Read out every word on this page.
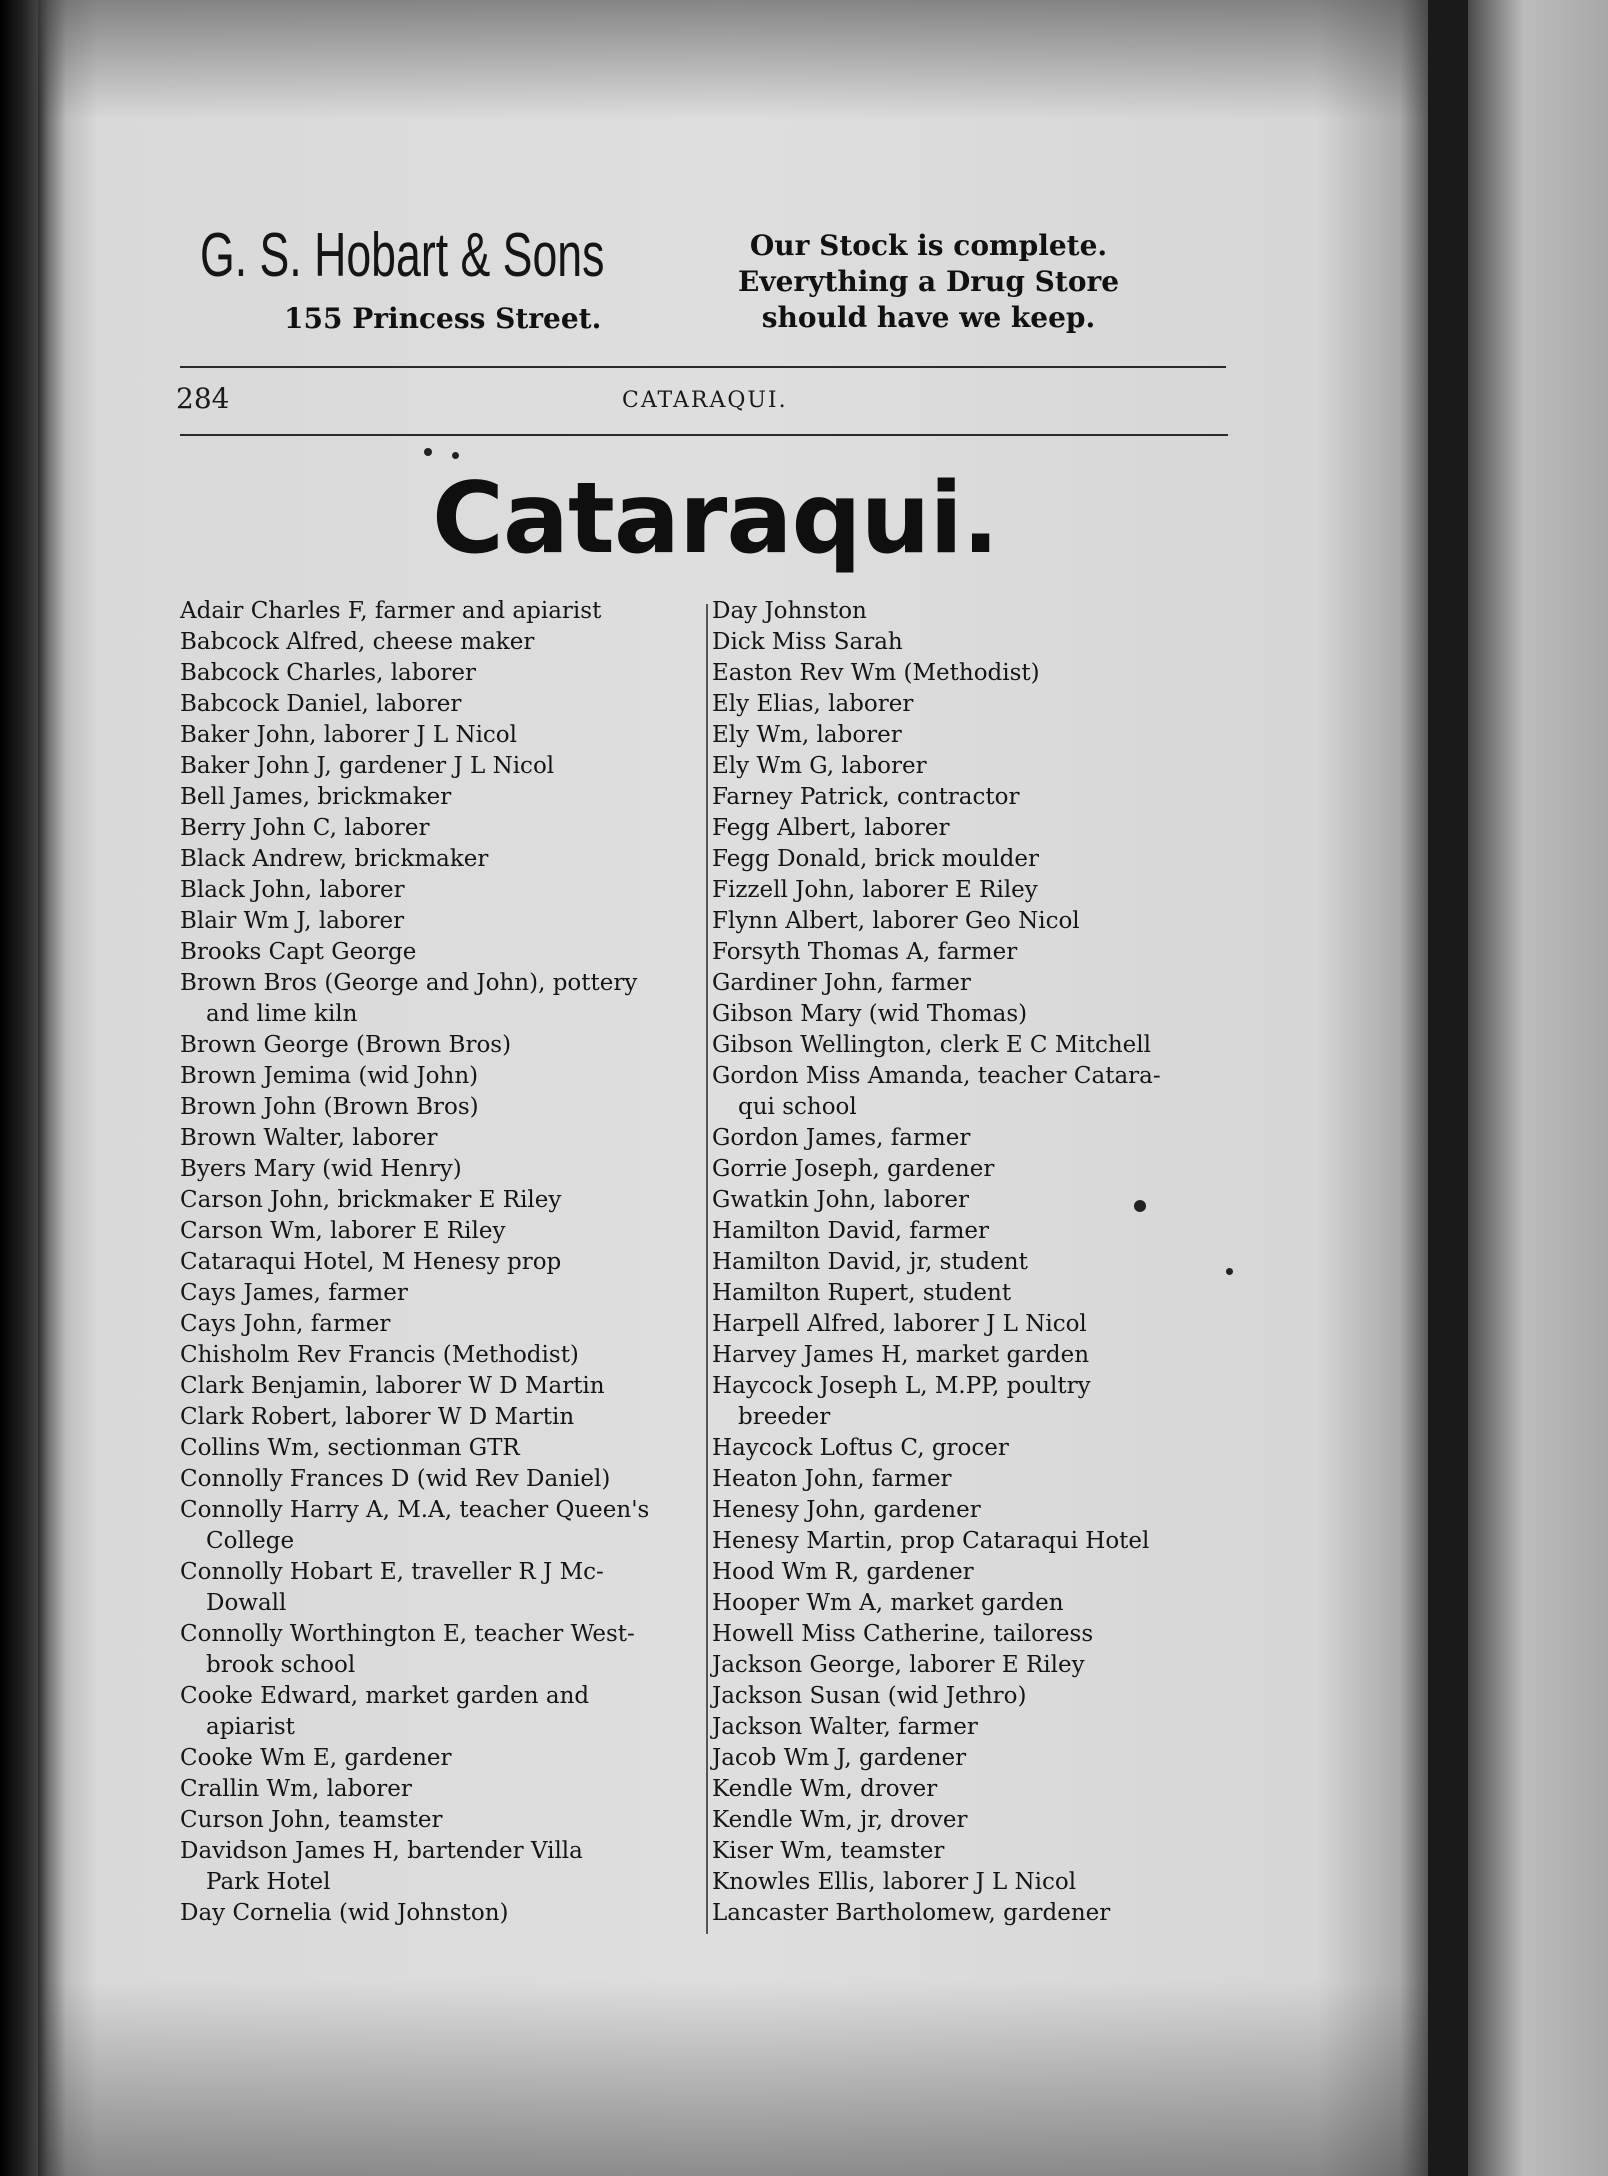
G. S. Hobart & Sons
155 Princess Street.
Our Stock is complete.
Everything a Drug Store
should have we keep.
284	CATARAQUI.
Cataraqui.
Adair Charles F, farmer and apiarist
Babcock Alfred, cheese maker
Babcock Charles, laborer
Babcock Daniel, laborer
Baker John, laborer J L Nicol
Baker John J, gardener J L Nicol
Bell James, brickmaker
Berry John C, laborer
Black Andrew, brickmaker
Black John, laborer
Blair Wm J, laborer
Brooks Capt George
Brown Bros (George and John), pottery
and lime kiln
Brown George (Brown Bros)
Brown Jemima (wid John)
Brown John (Brown Bros)
Brown Walter, laborer
Byers Mary (wid Henry)
Carson John, brickmaker E Riley
Carson Wm, laborer E Riley
Cataraqui Hotel, M Henesy prop
Cays James, farmer
Cays John, farmer
Chisholm Rev Francis (Methodist)
Clark Benjamin, laborer W D Martin
Clark Robert, laborer W D Martin
Collins Wm, sectionman GTR
Connolly Frances D (wid Rev Daniel)
Connolly Harry A, M.A, teacher Queen's
College
Connolly Hobart E, traveller R J Mc-
Dowall
Connolly Worthington E, teacher West-
brook school
Cooke Edward, market garden and
apiarist
Cooke Wm E, gardener
Crallin Wm, laborer
Curson John, teamster
Davidson James H, bartender Villa
Park Hotel
Day Cornelia (wid Johnston)
Day Johnston
Dick Miss Sarah
Easton Rev Wm (Methodist)
Ely Elias, laborer
Ely Wm, laborer
Ely Wm G, laborer
Farney Patrick, contractor
Fegg Albert, laborer
Fegg Donald, brick moulder
Fizzell John, laborer E Riley
Flynn Albert, laborer Geo Nicol
Forsyth Thomas A, farmer
Gardiner John, farmer
Gibson Mary (wid Thomas)
Gibson Wellington, clerk E C Mitchell
Gordon Miss Amanda, teacher Catara-
qui school
Gordon James, farmer
Gorrie Joseph, gardener
Gwatkin John, laborer
Hamilton David, farmer
Hamilton David, jr, student
Hamilton Rupert, student
Harpell Alfred, laborer J L Nicol
Harvey James H, market garden
Haycock Joseph L, M.PP, poultry
breeder
Haycock Loftus C, grocer
Heaton John, farmer
Henesy John, gardener
Henesy Martin, prop Cataraqui Hotel
Hood Wm R, gardener
Hooper Wm A, market garden
Howell Miss Catherine, tailoress
Jackson George, laborer E Riley
Jackson Susan (wid Jethro)
Jackson Walter, farmer
Jacob Wm J, gardener
Kendle Wm, drover
Kendle Wm, jr, drover
Kiser Wm, teamster
Knowles Ellis, laborer J L Nicol
Lancaster Bartholomew, gardener
